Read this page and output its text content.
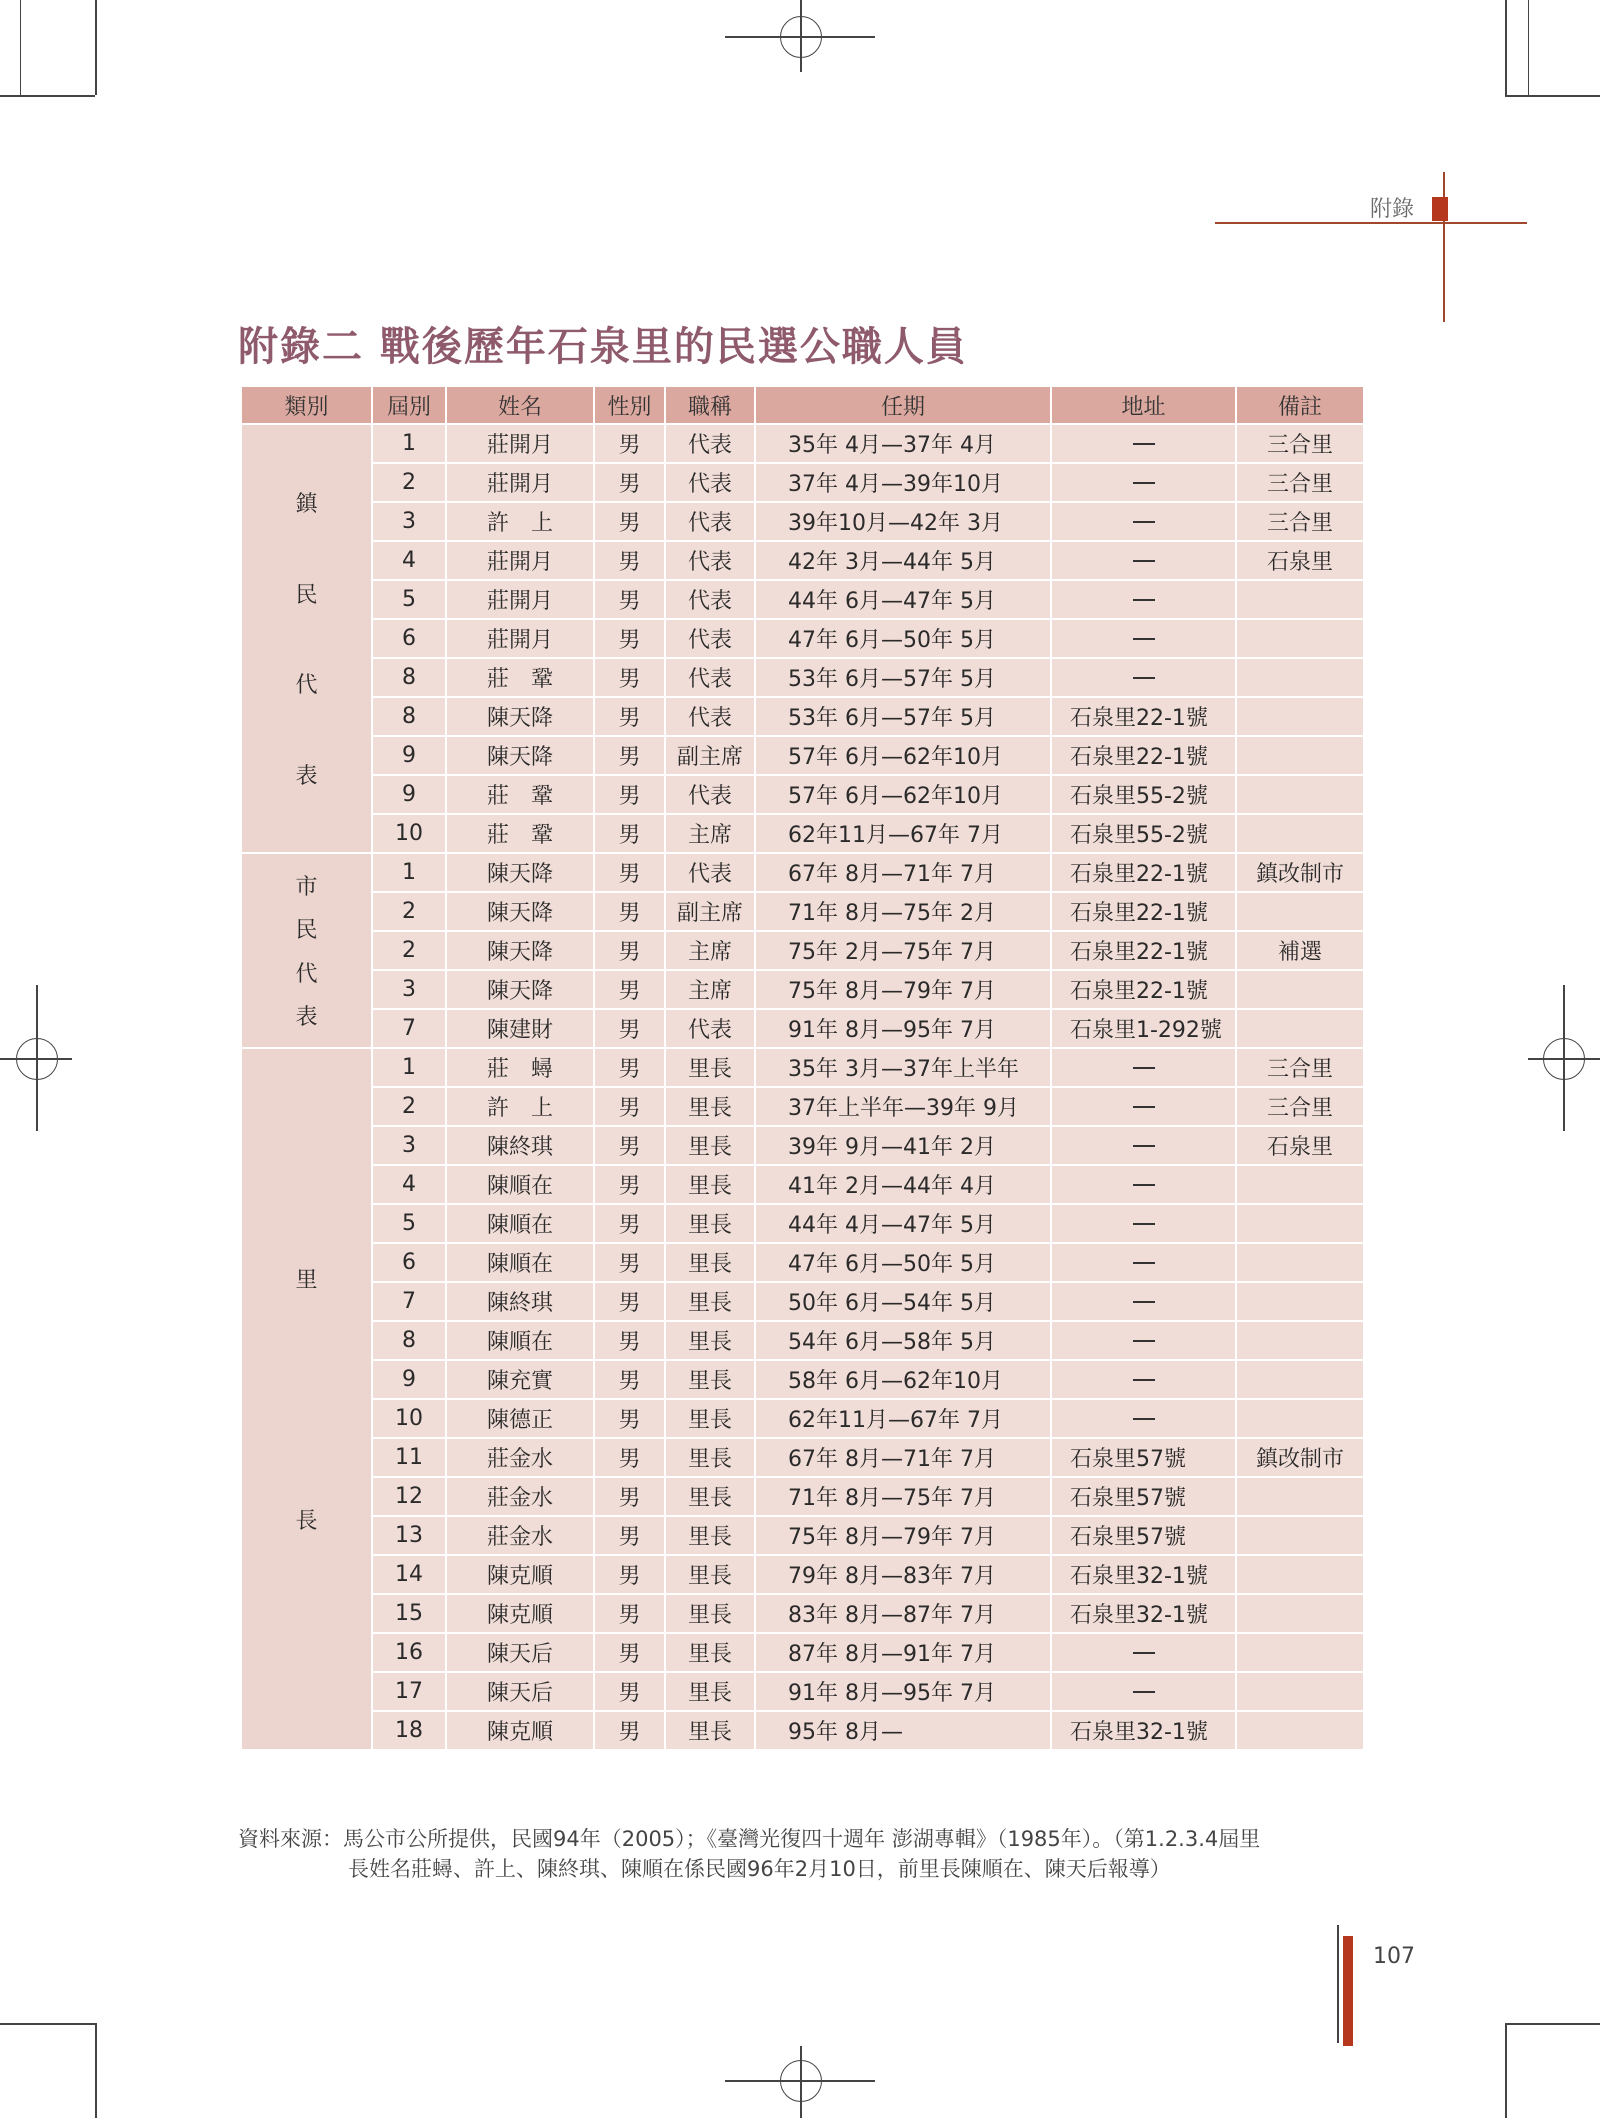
附錄
附錄二 戰後歷年石泉里的民選公職人員
類別	屆別	姓名	性別	職稱	任期	地址	備註

鎮
民
代
表	1	莊開月	男	代表	35年 4月—37年 4月		三合里
	2	莊開月	男	代表	37年 4月—39年10月		三合里
	3	許　上	男	代表	39年10月—42年 3月		三合里
	4	莊開月	男	代表	42年 3月—44年 5月		石泉里
	5	莊開月	男	代表	44年 6月—47年 5月		
	6	莊開月	男	代表	47年 6月—50年 5月		
	8	莊　鞏	男	代表	53年 6月—57年 5月		
	8	陳天降	男	代表	53年 6月—57年 5月	石泉里22-1號	
	9	陳天降	男	副主席	57年 6月—62年10月	石泉里22-1號	
	9	莊　鞏	男	代表	57年 6月—62年10月	石泉里55-2號	
	10	莊　鞏	男	主席	62年11月—67年 7月	石泉里55-2號	

市
民
代
表	1	陳天降	男	代表	67年 8月—71年 7月	石泉里22-1號	鎮改制市
	2	陳天降	男	副主席	71年 8月—75年 2月	石泉里22-1號	
	2	陳天降	男	主席	75年 2月—75年 7月	石泉里22-1號	補選
	3	陳天降	男	主席	75年 8月—79年 7月	石泉里22-1號	
	7	陳建財	男	代表	91年 8月—95年 7月	石泉里1-292號	

里
長	1	莊　蟳	男	里長	35年 3月—37年上半年		三合里
	2	許　上	男	里長	37年上半年—39年 9月		三合里
	3	陳終琪	男	里長	39年 9月—41年 2月		石泉里
	4	陳順在	男	里長	41年 2月—44年 4月		
	5	陳順在	男	里長	44年 4月—47年 5月		
	6	陳順在	男	里長	47年 6月—50年 5月		
	7	陳終琪	男	里長	50年 6月—54年 5月		
	8	陳順在	男	里長	54年 6月—58年 5月		
	9	陳充實	男	里長	58年 6月—62年10月		
	10	陳德正	男	里長	62年11月—67年 7月		
	11	莊金水	男	里長	67年 8月—71年 7月	石泉里57號	鎮改制市
	12	莊金水	男	里長	71年 8月—75年 7月	石泉里57號	
	13	莊金水	男	里長	75年 8月—79年 7月	石泉里57號	
	14	陳克順	男	里長	79年 8月—83年 7月	石泉里32-1號	
	15	陳克順	男	里長	83年 8月—87年 7月	石泉里32-1號	
	16	陳天后	男	里長	87年 8月—91年 7月		
	17	陳天后	男	里長	91年 8月—95年 7月		
	18	陳克順	男	里長	95年 8月—	石泉里32-1號	
資料來源：馬公市公所提供，民國94年（2005）；《臺灣光復四十週年 澎湖專輯》（1985年）。（第1.2.3.4屆里
長姓名莊蟳、許上、陳終琪、陳順在係民國96年2月10日，前里長陳順在、陳天后報導）
107
